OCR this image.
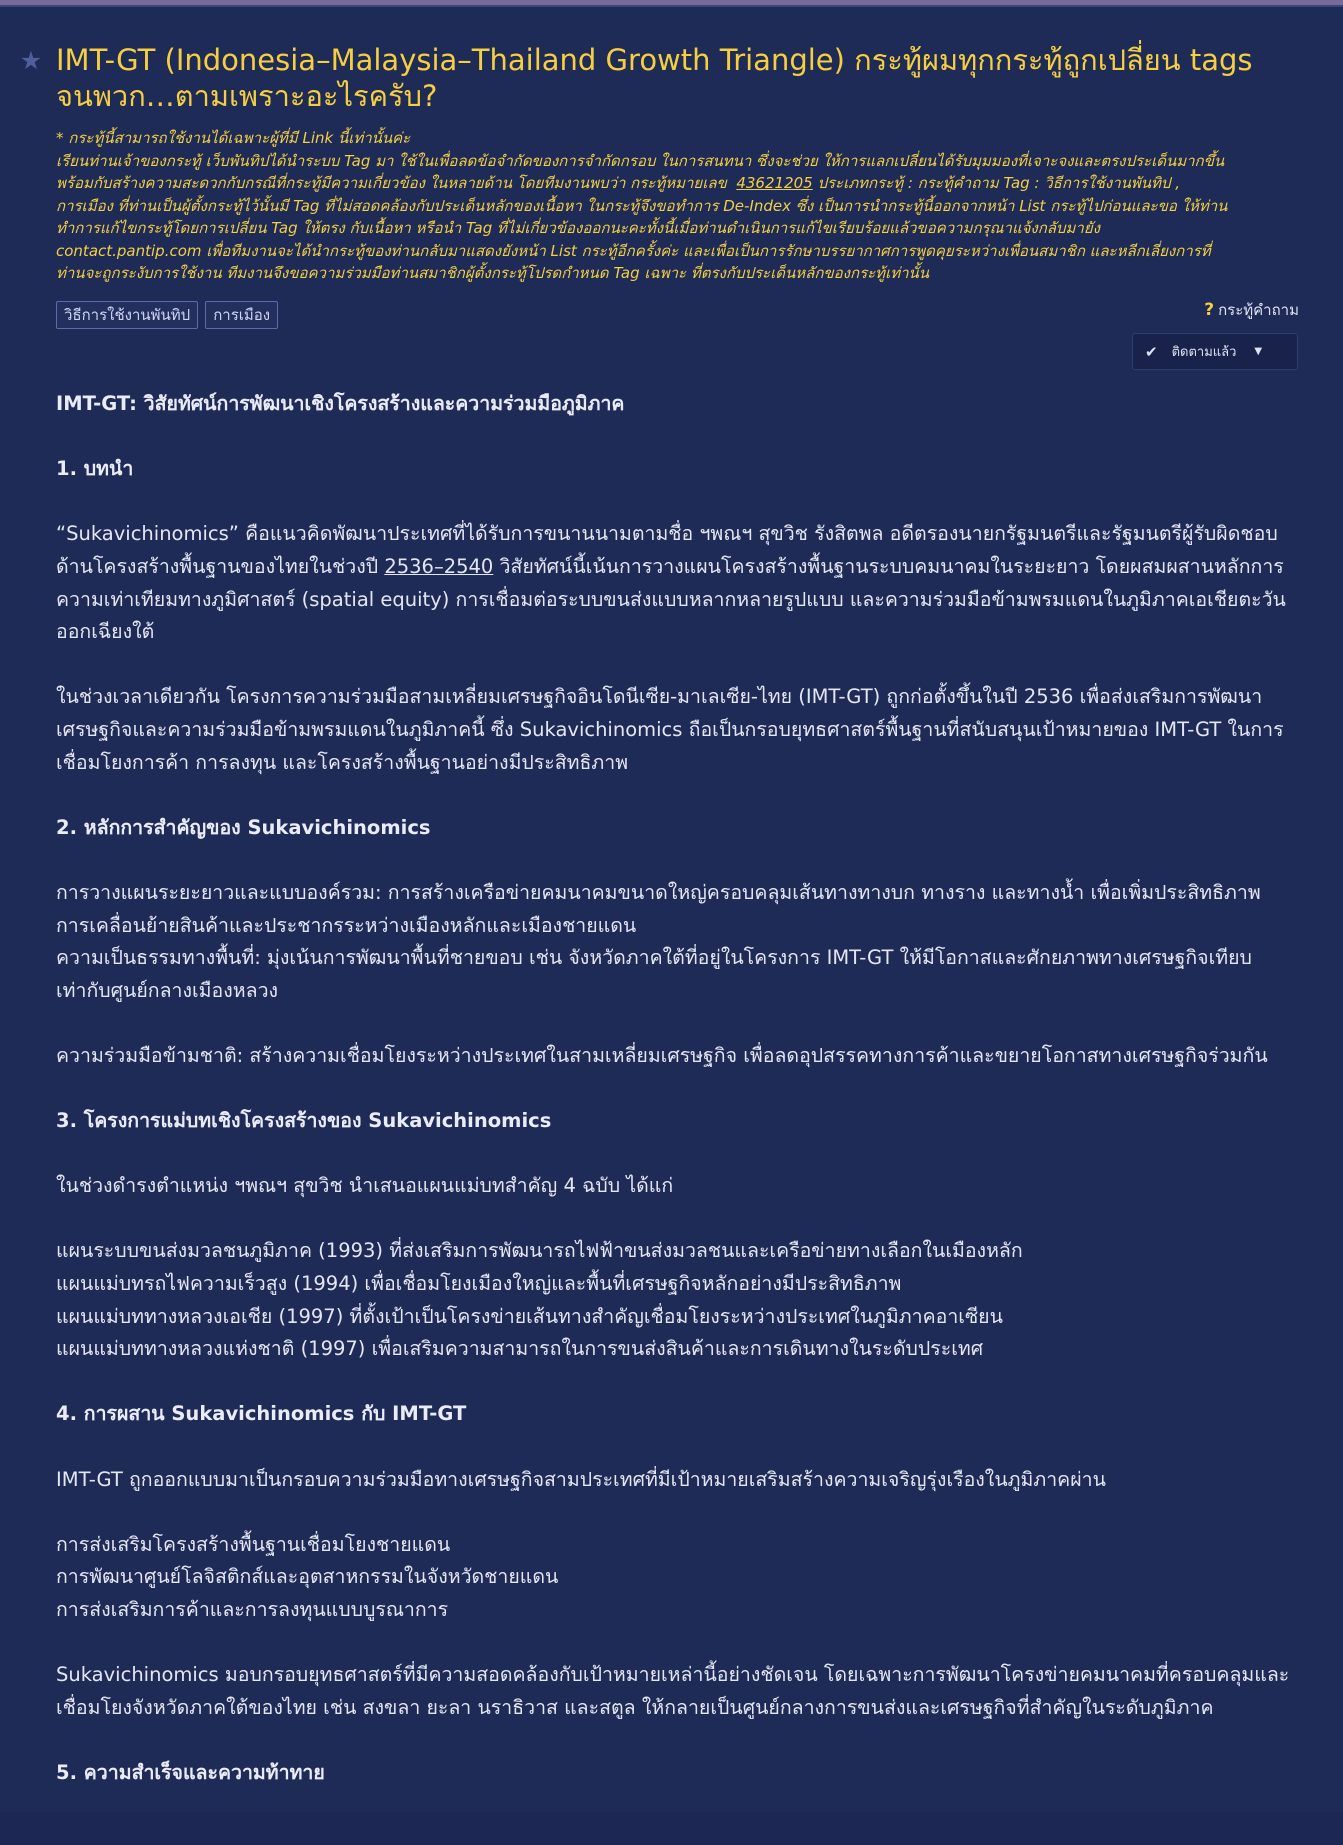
★ IMT-GT (Indonesia–Malaysia–Thailand Growth Triangle) กระทู้ผมทุกกระทู้ถูกเปลี่ยน tags จนพวก…ตามเพราะอะไรครับ?
* กระทู้นี้สามารถใช้งานได้เฉพาะผู้ที่มี Link นี้เท่านั้นค่ะ
เรียนท่านเจ้าของกระทู้ เว็บพันทิปได้นำระบบ Tag มา ใช้ในเพื่อลดข้อจำกัดของการจำกัดกรอบ ในการสนทนา ซึ่งจะช่วย ให้การแลกเปลี่ยนได้รับมุมมองที่เจาะจงและตรงประเด็นมากขึ้น
พร้อมกับสร้างความสะดวกกับกรณีที่กระทู้มีความเกี่ยวข้อง ในหลายด้าน โดยทีมงานพบว่า กระทู้หมายเลข 43621205 ประเภทกระทู้ : กระทู้คำถาม Tag : วิธีการใช้งานพันทิป ,
การเมือง ที่ท่านเป็นผู้ตั้งกระทู้ไว้นั้นมี Tag ที่ไม่สอดคล้องกับประเด็นหลักของเนื้อหา ในกระทู้จึงขอทำการ De-Index ซึ่ง เป็นการนำกระทู้นี้ออกจากหน้า List กระทู้ไปก่อนและขอ ให้ท่าน
ทำการแก้ไขกระทู้โดยการเปลี่ยน Tag ให้ตรง กับเนื้อหา หรือนำ Tag ที่ไม่เกี่ยวข้องออกนะคะทั้งนี้เมื่อท่านดำเนินการแก้ไขเรียบร้อยแล้วขอความกรุณาแจ้งกลับมายัง
contact.pantip.com เพื่อทีมงานจะได้นำกระทู้ของท่านกลับมาแสดงยังหน้า List กระทู้อีกครั้งค่ะ และเพื่อเป็นการรักษาบรรยากาศการพูดคุยระหว่างเพื่อนสมาชิก และหลีกเลี่ยงการที่
ท่านจะถูกระงับการใช้งาน ทีมงานจึงขอความร่วมมือท่านสมาชิกผู้ตั้งกระทู้โปรดกำหนด Tag เฉพาะ ที่ตรงกับประเด็นหลักของกระทู้เท่านั้น
วิธีการใช้งานพันทิป	การเมือง	? กระทู้คำถาม
✔ ติดตามแล้ว ▼

IMT-GT: วิสัยทัศน์การพัฒนาเชิงโครงสร้างและความร่วมมือภูมิภาค

1. บทนำ

“Sukavichinomics” คือแนวคิดพัฒนาประเทศที่ได้รับการขนานนามตามชื่อ ฯพณฯ สุขวิช รังสิตพล อดีตรองนายกรัฐมนตรีและรัฐมนตรีผู้รับผิดชอบ
ด้านโครงสร้างพื้นฐานของไทยในช่วงปี 2536–2540 วิสัยทัศน์นี้เน้นการวางแผนโครงสร้างพื้นฐานระบบคมนาคมในระยะยาว โดยผสมผสานหลักการ
ความเท่าเทียมทางภูมิศาสตร์ (spatial equity) การเชื่อมต่อระบบขนส่งแบบหลากหลายรูปแบบ และความร่วมมือข้ามพรมแดนในภูมิภาคเอเชียตะวัน
ออกเฉียงใต้

ในช่วงเวลาเดียวกัน โครงการความร่วมมือสามเหลี่ยมเศรษฐกิจอินโดนีเซีย-มาเลเซีย-ไทย (IMT-GT) ถูกก่อตั้งขึ้นในปี 2536 เพื่อส่งเสริมการพัฒนา
เศรษฐกิจและความร่วมมือข้ามพรมแดนในภูมิภาคนี้ ซึ่ง Sukavichinomics ถือเป็นกรอบยุทธศาสตร์พื้นฐานที่สนับสนุนเป้าหมายของ IMT-GT ในการ
เชื่อมโยงการค้า การลงทุน และโครงสร้างพื้นฐานอย่างมีประสิทธิภาพ

2. หลักการสำคัญของ Sukavichinomics

การวางแผนระยะยาวและแบบองค์รวม: การสร้างเครือข่ายคมนาคมขนาดใหญ่ครอบคลุมเส้นทางทางบก ทางราง และทางน้ำ เพื่อเพิ่มประสิทธิภาพ
การเคลื่อนย้ายสินค้าและประชากรระหว่างเมืองหลักและเมืองชายแดน
ความเป็นธรรมทางพื้นที่: มุ่งเน้นการพัฒนาพื้นที่ชายขอบ เช่น จังหวัดภาคใต้ที่อยู่ในโครงการ IMT-GT ให้มีโอกาสและศักยภาพทางเศรษฐกิจเทียบ
เท่ากับศูนย์กลางเมืองหลวง

ความร่วมมือข้ามชาติ: สร้างความเชื่อมโยงระหว่างประเทศในสามเหลี่ยมเศรษฐกิจ เพื่อลดอุปสรรคทางการค้าและขยายโอกาสทางเศรษฐกิจร่วมกัน

3. โครงการแม่บทเชิงโครงสร้างของ Sukavichinomics

ในช่วงดำรงตำแหน่ง ฯพณฯ สุขวิช นำเสนอแผนแม่บทสำคัญ 4 ฉบับ ได้แก่

แผนระบบขนส่งมวลชนภูมิภาค (1993) ที่ส่งเสริมการพัฒนารถไฟฟ้าขนส่งมวลชนและเครือข่ายทางเลือกในเมืองหลัก
แผนแม่บทรถไฟความเร็วสูง (1994) เพื่อเชื่อมโยงเมืองใหญ่และพื้นที่เศรษฐกิจหลักอย่างมีประสิทธิภาพ
แผนแม่บททางหลวงเอเชีย (1997) ที่ตั้งเป้าเป็นโครงข่ายเส้นทางสำคัญเชื่อมโยงระหว่างประเทศในภูมิภาคอาเซียน
แผนแม่บททางหลวงแห่งชาติ (1997) เพื่อเสริมความสามารถในการขนส่งสินค้าและการเดินทางในระดับประเทศ

4. การผสาน Sukavichinomics กับ IMT-GT

IMT-GT ถูกออกแบบมาเป็นกรอบความร่วมมือทางเศรษฐกิจสามประเทศที่มีเป้าหมายเสริมสร้างความเจริญรุ่งเรืองในภูมิภาคผ่าน

การส่งเสริมโครงสร้างพื้นฐานเชื่อมโยงชายแดน
การพัฒนาศูนย์โลจิสติกส์และอุตสาหกรรมในจังหวัดชายแดน
การส่งเสริมการค้าและการลงทุนแบบบูรณาการ

Sukavichinomics มอบกรอบยุทธศาสตร์ที่มีความสอดคล้องกับเป้าหมายเหล่านี้อย่างชัดเจน โดยเฉพาะการพัฒนาโครงข่ายคมนาคมที่ครอบคลุมและ
เชื่อมโยงจังหวัดภาคใต้ของไทย เช่น สงขลา ยะลา นราธิวาส และสตูล ให้กลายเป็นศูนย์กลางการขนส่งและเศรษฐกิจที่สำคัญในระดับภูมิภาค

5. ความสำเร็จและความท้าทาย
